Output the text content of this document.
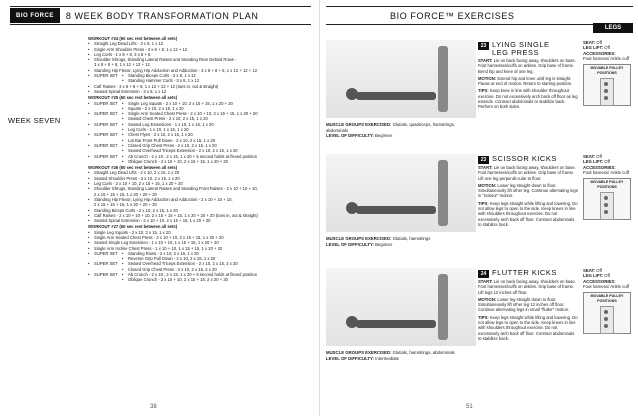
BIO FORCE	8 WEEK BODY TRANSFORMATION PLAN
WEEK SEVEN
WORKOUT #24 (60 sec rest between all sets)
•	Straight Leg Dead Lifts - 3 x 8, 1 x 12
•	Single Arm Shoulder Press - 3 x 8 + 8, 1 x 12 + 12
•	Leg Curls - 1 x 8 + 8, 3 x 8 + 8
•	Shoulder Shrugs, Standing Lateral Raises and Standing Rear Deltoid Rows -
3 x 8 + 8 + 8, 1 x 12 + 12 + 12
•	Standing Hip Flexor, Lying Hip Adduction and Adduction - 3 x 8 + 8 + 8, 1 x 12 + 12 + 12
•	SUPER SET	•	Standing Biceps Curls - 3 x 8, 1 x 12
•	Standing Hammer Curls - 3 x 8, 1 x 12
•	Calf Raises - 3 x 8 + 8 + 8, 1 x 12 + 12 + 12 (toes in, out & straight)
•	Seated Spinal Extension - 3 x 8, 1 x 12
WORKOUT #25 (60 sec rest between all sets)
•	SUPER SET	•	Single Leg Squats - 2 x 10 + 10, 2 x 15 + 15, 1 x 20 + 20
•	Squats - 2 x 10, 2 x 15, 1 x 20
•	SUPER SET	•	Single Arm Seated Chest Press - 2 x 10 + 10, 2 x 15 + 15, 1 x 20 + 20
•	Seated Chest Press - 2 x 10, 2 x 15, 1 x 20
•	SUPER SET	•	Seated Leg Extensions - 1 x 10, 1 x 15, 1 x 20
•	Leg Curls - 1 x 10, 1 x 15, 1 x 20
•	SUPER SET	•	Chest Flyes - 2 x 10, 2 x 15, 1 x 20
•	Lat Bar Front Pull Down - 2 x 10, 2 x 15, 1 x 20
•	SUPER SET	•	Closed Grip Chest Press - 2 x 10, 2 x 15, 1 x 20
•	Seated Overhead Triceps Extension - 2 x 10, 2 x 15, 1 x 20
•	SUPER SET	•	Ab Crunch - 2 x 10 , 2 x 15, 1 x 20 + 5 second holds at flexed position
•	Oblique Crunch - 2 x 10 + 10, 2 x 15 + 15, 1 x 20 + 20
WORKOUT #26 (60 sec rest between all sets)
•	Straight Leg Dead Lifts - 2 x 10, 2 x 15, 1 x 20
•	Seated Shoulder Press - 2 x 10, 2 x 15, 1 x 20
•	Leg Curls - 2 x 10 + 10, 2 x 15 + 15, 1 x 20 + 20
•	Shoulder Shrugs, Standing Lateral Raises and Standing Front Raises - 2 x 10 + 10 + 10,
2 x 15 + 15 + 15, 1 x 20 + 20 + 20
•	Standing Hip Flexor, Lying Hip Adduction and Adduction - 2 x 10 + 10 + 10,
2 x 15 + 15 + 15, 1 x 20 + 20 + 20
•	Standing Biceps Curls - 2 x 10, 2 x 15, 1 x 20
•	Calf Raises - 2 x 10 + 10 + 10, 2 x 15 + 15 + 15, 1 x 20 + 20 + 20 (toes in, out & straight)
•	Seated Spinal Extension - 2 x 10 + 10, 2 x 15 + 15, 1 x 20 + 20
WORKOUT #27 (60 sec rest between all sets)
•	Single Leg Squats - 2 x 10, 2 x 15, 1 x 20
•	Single Arm Seated Chest Press - 2 x 10 + 10, 2 x 15 + 15, 1 x 20 + 20
•	Seated Single Leg Extension - 1 x 10 + 10, 1 x 15 + 15, 1 x 20 + 20
•	Single Arm Incline Chest Press - 1 x 10 + 10, 1 x 15 + 15, 1 x 20 + 20
•	SUPER SET	•	Standing Rows - 2 x 10, 2 x 15, 1 x 20
•	Reverse Grip Pull Down - 2 x 10, 2 x 15, 1 x 20
•	SUPER SET	•	Seated Overhead Triceps Extension - 2 x 10, 2 x 15, 2 x 20
•	Closed Grip Chest Press - 2 x 10, 2 x 15, 2 x 20
•	SUPER SET	•	Ab Crunch - 2 x 10 , 2 x 15, 1 x 20 + 5 second holds at flexed position
•	Oblique Crunch - 2 x 10 + 10, 2 x 15 + 15, 2 x 20 + 20
38
BIO FORCE™ EXERCISES
LEGS
MUSCLE GROUPS EXERCISED: Glutials, quadriceps, hamstrings, abdominals
LEVEL OF DIFFICULTY: Beginner
23 LYING SINGLE
LEG PRESS
START: Lie on back facing away, shoulders on base. Foot harnesses/cuffs on ankles. Grip base of frame. Bend hip and knee of one leg.
MOTION: Extend hip and knee until leg is straight. Pause at end of motion. Return to starting position.
TIPS: Keep knee in line with shoulder throughout exercise. Do not excessively arch back off floor as leg extends. Contract abdominals to stabilize back. Perform on both sides.
SEAT: Off
LEG LIFT: Off
ACCESSORIES:
Foot harness/ Ankle cuff
MOVABLE PULLEY POSITIONS
MUSCLE GROUPS EXERCISED: Glutials, hamstrings
LEVEL OF DIFFICULTY: Beginner
23 SCISSOR KICKS
START: Lie on back facing away, shoulders on base. Foot harnesses/cuffs on ankles. Grip base of frame. Lift one leg perpendi-cular to floor.
MOTION: Lower leg straight down to floor. Simultaneously lift other leg. Continue alternating legs in "scissor" motion.
TIPS: Keep legs straight while lifting and lowering. Do not allow legs to open to the side. Keep knees in line with shoulders throughout exercise. Do not excessively arch back off floor. Contract abdominals to stabilize back.
SEAT: Off
LEG LIFT: Off
ACCESSORIES:
Foot harness/ Ankle cuff
MOVABLE PULLEY POSITIONS
MUSCLE GROUPS EXERCISED: Glutials, hamstrings, abdominals
LEVEL OF DIFFICULTY: Intermediate
24 FLUTTER KICKS
START: Lie on back facing away, shoulders on base. Foot harnesses/cuffs on ankles. Grip base of frame. Lift legs 12 inches off floor.
MOTION: Lower leg straight down to floor. Simultaneously lift other leg 12 inches off floor. Continue alternating legs in small "flutter" motion.
TIPS: Keep legs straight while lifting and lowering. Do not allow legs to open to the side. Keep knees in line with shoulders throughout exercise. Do not excessively arch back off floor. Contract abdominals to stabilize back.
SEAT: Off
LEG LIFT: Off
ACCESSORIES:
Foot harness/ Ankle cuff
MOVABLE PULLEY POSITIONS
51
